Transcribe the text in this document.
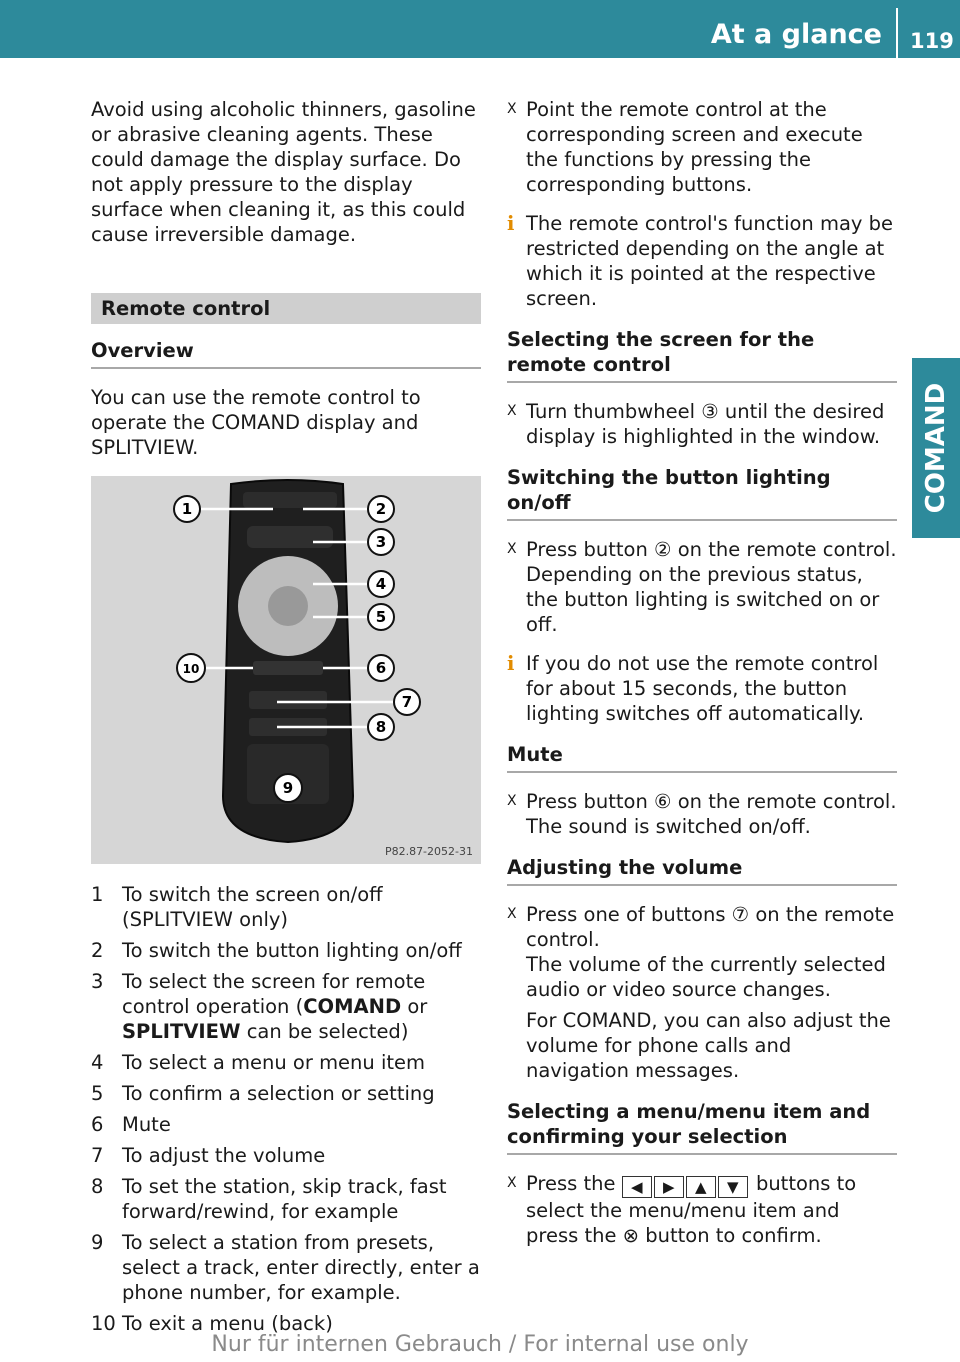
At a glance 119
COMAND

Avoid using alcoholic thinners, gasoline or abrasive cleaning agents. These could damage the display surface. Do not apply pressure to the display surface when cleaning it, as this could cause irreversible damage.

Remote control
Overview

You can use the remote control to operate the COMAND display and SPLITVIEW.

1	2
3
4
5
6
7
8
9
10
P82.87-2052-31
1 To switch the screen on/off (SPLITVIEW only)
2 To switch the button lighting on/off
3 To select the screen for remote control operation (COMAND or SPLITVIEW can be selected)
4 To select a menu or menu item
5 To confirm a selection or setting
6 Mute
7 To adjust the volume
8 To set the station, skip track, fast forward/rewind, for example
9 To select a station from presets, select a track, enter directly, enter a phone number, for example.
10 To exit a menu (back)
X Point the remote control at the corresponding screen and execute the functions by pressing the corresponding buttons.
i The remote control's function may be restricted depending on the angle at which it is pointed at the respective screen.
Selecting the screen for the remote control
X Turn thumbwheel ③ until the desired display is highlighted in the window.
Switching the button lighting on/off
X Press button ② on the remote control.
Depending on the previous status, the button lighting is switched on or off.
i If you do not use the remote control for about 15 seconds, the button lighting switches off automatically.
Mute
X Press button ⑥ on the remote control.
The sound is switched on/off.
Adjusting the volume
X Press one of buttons ⑦ on the remote control.
The volume of the currently selected audio or video source changes.
For COMAND, you can also adjust the volume for phone calls and navigation messages.
Selecting a menu/menu item and confirming your selection
X Press the ◀ ▶ ▲ ▼ buttons to select the menu/menu item and press the ⊗ button to confirm.
Nur für internen Gebrauch / For internal use only
